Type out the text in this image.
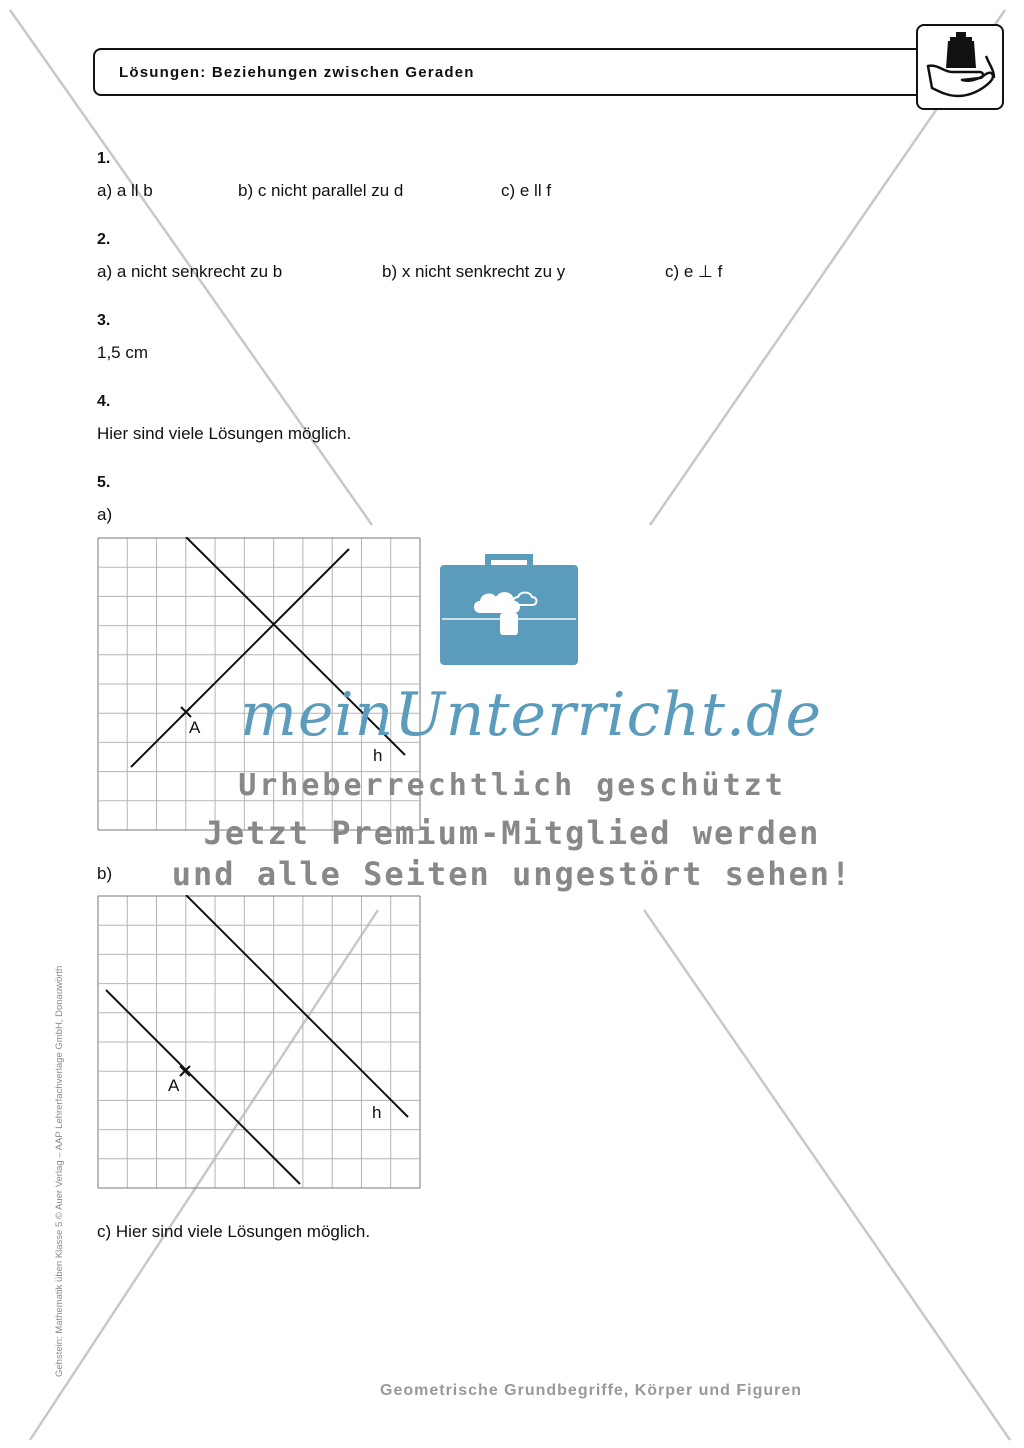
Lösungen: Beziehungen zwischen Geraden
1.
a) a ll b	b) c nicht parallel zu d	c) e ll f
2.
a) a nicht senkrecht zu b	b) x nicht senkrecht zu y	c) e ⊥ f
3.
1,5 cm
4.
Hier sind viele Lösungen möglich.
5.
a)
A
h
b)
A
h
c) Hier sind viele Lösungen möglich.
meinUnterricht.de
Urheberrechtlich geschützt
Jetzt Premium-Mitglied werden
und alle Seiten ungestört sehen!
Gehstein: Mathematik üben Klasse 5 © Auer Verlag – AAP Lehrerfachverlage GmbH, Donauwörth
Geometrische Grundbegriffe, Körper und Figuren
